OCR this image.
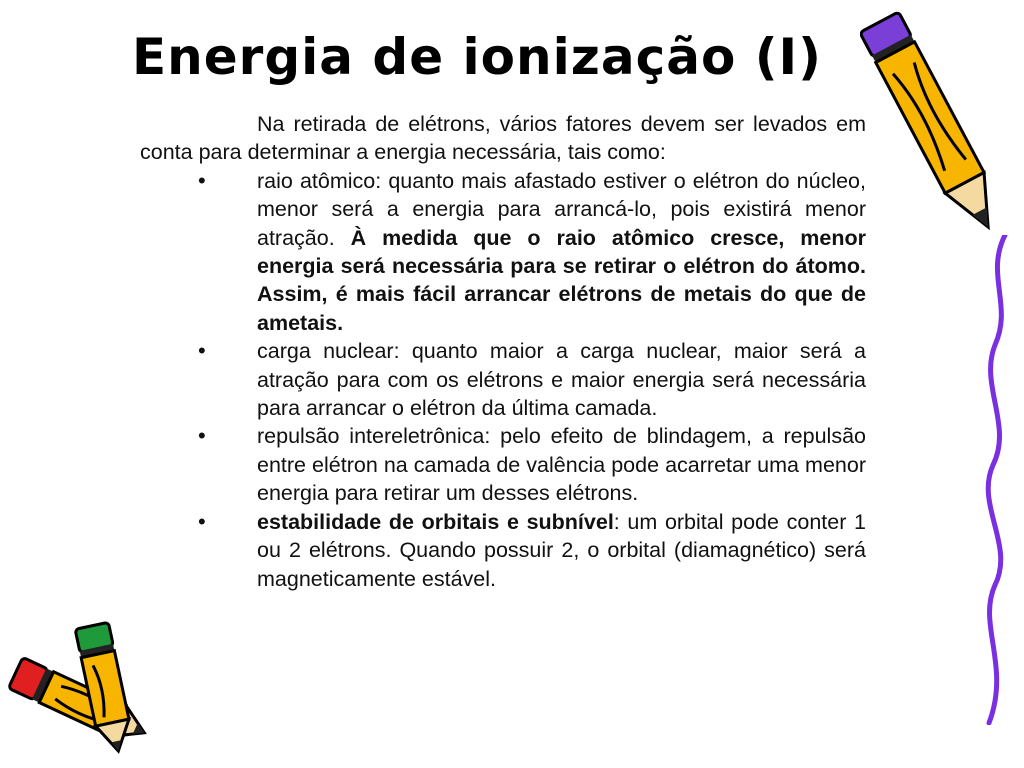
Energia de ionização (I)

Na retirada de elétrons, vários fatores devem ser levados em conta para determinar a energia necessária, tais como:

• raio atômico: quanto mais afastado estiver o elétron do núcleo, menor será a energia para arrancá-lo, pois existirá menor atração. À medida que o raio atômico cresce, menor energia será necessária para se retirar o elétron do átomo. Assim, é mais fácil arrancar elétrons de metais do que de ametais.
• carga nuclear: quanto maior a carga nuclear, maior será a atração para com os elétrons e maior energia será necessária para arrancar o elétron da última camada.
• repulsão intereletrônica: pelo efeito de blindagem, a repulsão entre elétron na camada de valência pode acarretar uma menor energia para retirar um desses elétrons.
• estabilidade de orbitais e subnível: um orbital pode conter 1 ou 2 elétrons. Quando possuir 2, o orbital (diamagnético) será magneticamente estável.
